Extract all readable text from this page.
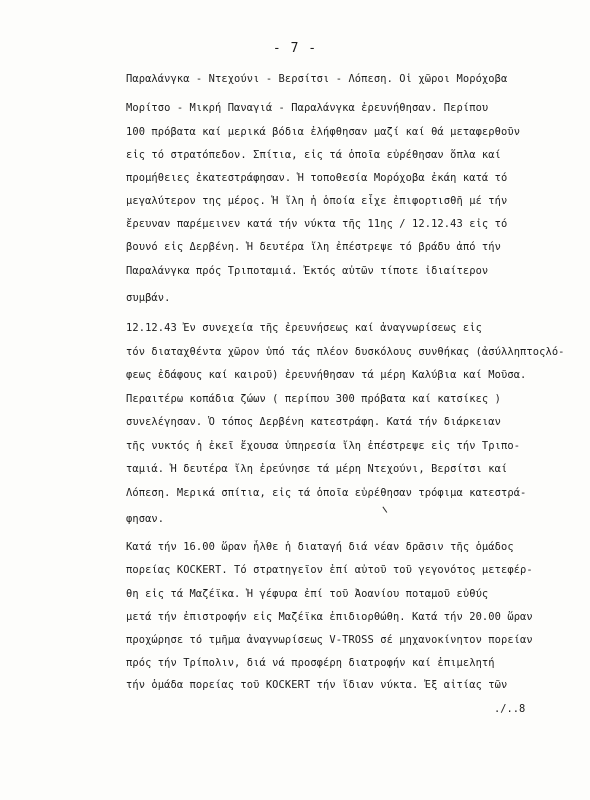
- 7 -
Παραλάνγκα - Ντεχούνι - Βερσίτσι - Λόπεση. Οἱ χῶροι Μορόχοβα
Μορίτσο - Μικρή Παναγιά - Παραλάνγκα ἐρευνήθησαν. Περίπου
100 πρόβατα καί μερικά βόδια ἐλήφθησαν μαζί καί θά μεταφερθοῦν
εἰς τό στρατόπεδον. Σπίτια, εἰς τά ὁποῖα εὐρέθησαν ὅπλα καί
προμήθειες ἐκατεστράφησαν. Ἡ τοποθεσία Μορόχοβα ἐκάη κατά τό
μεγαλύτερον της μέρος. Ἡ ἴλη ἡ ὁποία εἶχε ἐπιφορτισθῆ μέ τήν
ἔρευναν παρέμεινεν κατά τήν νύκτα τῆς 11ης / 12.12.43 εἰς τό
βουνό εἰς Δερβένη. Ἡ δευτέρα ἴλη ἐπέστρεψε τό βράδυ ἀπό τήν
Παραλάνγκα πρός Τριποταμιά. Ἐκτός αὐτῶν τίποτε ἰδιαίτερον
συμβάν.
12.12.43 Ἐν συνεχεία τῆς ἐρευνήσεως καί ἀναγνωρίσεως εἰς
τόν διαταχθέντα χῶρον ὑπό τάς πλέον δυσκόλους συνθήκας (ἀσύλληπτοςλό-
φεως ἐδάφους καί καιροῦ) ἐρευνήθησαν τά μέρη Καλύβια καί Μοῦσα.
Περαιτέρω κοπάδια ζώων ( περίπου 300 πρόβατα καί κατσίκες )
συνελέγησαν. Ὁ τόπος Δερβένη κατεστράφη. Κατά τήν διάρκειαν
τῆς νυκτός ἡ ἐκεῖ ἔχουσα ὑπηρεσία ἴλη ἐπέστρεψε εἰς τήν Τριπο-
ταμιά. Ἡ δευτέρα ἴλη ἐρεύνησε τά μέρη Ντεχούνι, Βερσίτσι καί
Λόπεση. Μερικά σπίτια, εἰς τά ὁποῖα εὑρέθησαν τρόφιμα κατεστρά-
φησαν.
Κατά τήν 16.00 ὥραν ἦλθε ἡ διαταγή διά νέαν δρᾶσιν τῆς ὁμάδος
πορείας KOCKERT. Τό στρατηγεῖον ἐπί αὐτοῦ τοῦ γεγονότος μετεφέρ-
θη εἰς τά Μαζέϊκα. Ἡ γέφυρα ἐπί τοῦ Ἀοανίου ποταμοῦ εὐθύς
μετά τήν ἐπιστροφήν εἰς Μαζέϊκα ἐπιδιορθώθη. Κατά τήν 20.00 ὥραν
προχώρησε τό τμῆμα ἀναγνωρίσεως V-TROSS σέ μηχανοκίνητον πορείαν
πρός τήν Τρίπολιν, διά νά προσφέρη διατροφήν καί ἐπιμελητή
τήν ὁμάδα πορείας τοῦ KOCKERT τήν ἴδιαν νύκτα. Ἐξ αἰτίας τῶν
./..8
